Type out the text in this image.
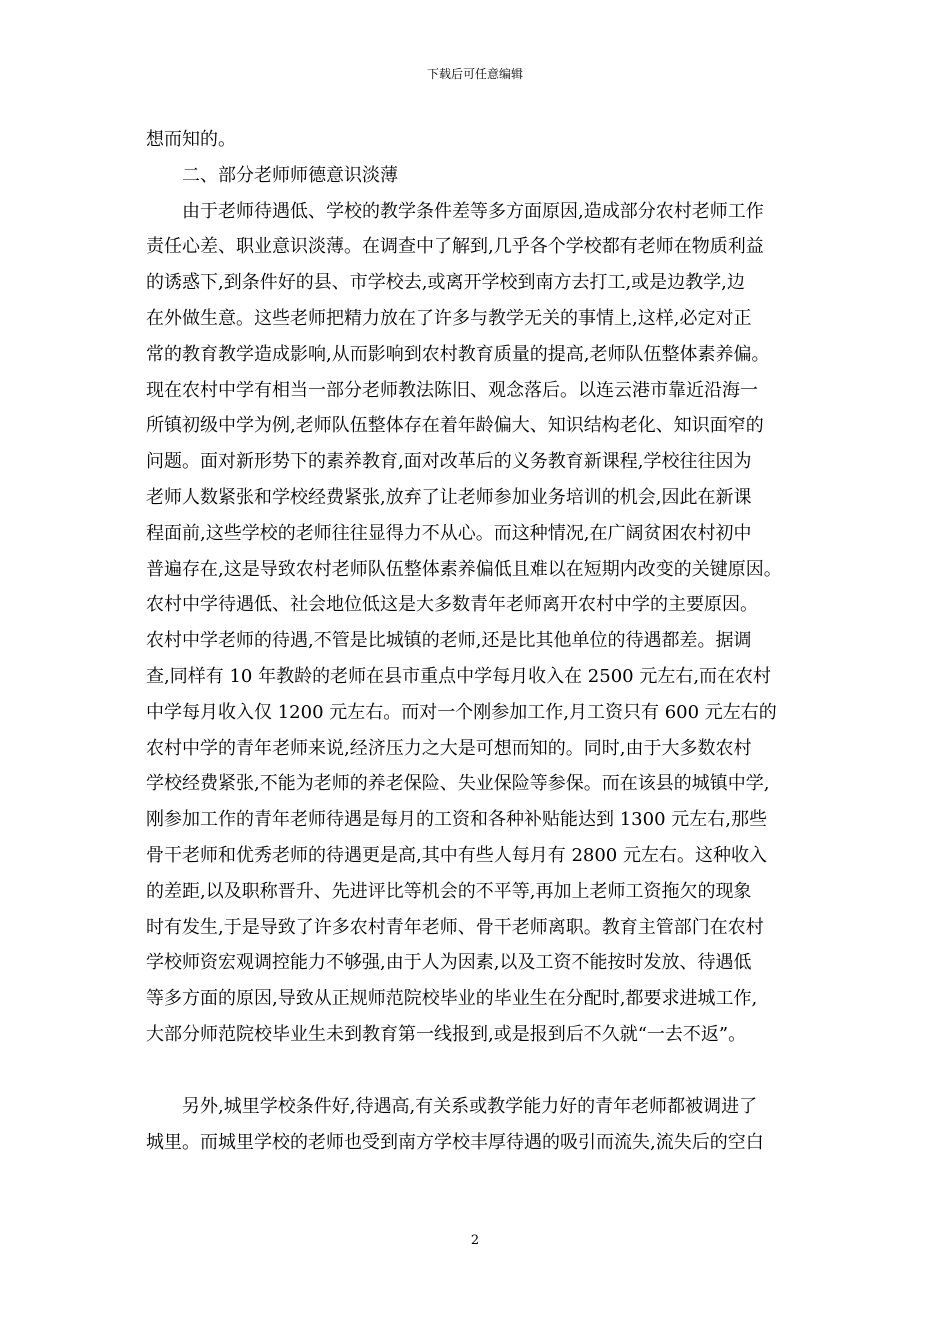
下载后可任意编辑
想而知的。
二、部分老师师德意识淡薄
由于老师待遇低、学校的教学条件差等多方面原因,造成部分农村老师工作
责任心差、职业意识淡薄。在调查中了解到,几乎各个学校都有老师在物质利益
的诱惑下,到条件好的县、市学校去,或离开学校到南方去打工,或是边教学,边
在外做生意。这些老师把精力放在了许多与教学无关的事情上,这样,必定对正
常的教育教学造成影响,从而影响到农村教育质量的提高,老师队伍整体素养偏。
现在农村中学有相当一部分老师教法陈旧、观念落后。以连云港市靠近沿海一
所镇初级中学为例,老师队伍整体存在着年龄偏大、知识结构老化、知识面窄的
问题。面对新形势下的素养教育,面对改革后的义务教育新课程,学校往往因为
老师人数紧张和学校经费紧张,放弃了让老师参加业务培训的机会,因此在新课
程面前,这些学校的老师往往显得力不从心。而这种情况,在广阔贫困农村初中
普遍存在,这是导致农村老师队伍整体素养偏低且难以在短期内改变的关键原因。
农村中学待遇低、社会地位低这是大多数青年老师离开农村中学的主要原因。
农村中学老师的待遇,不管是比城镇的老师,还是比其他单位的待遇都差。据调
查,同样有 10 年教龄的老师在县市重点中学每月收入在 2500 元左右,而在农村
中学每月收入仅 1200 元左右。而对一个刚参加工作,月工资只有 600 元左右的
农村中学的青年老师来说,经济压力之大是可想而知的。同时,由于大多数农村
学校经费紧张,不能为老师的养老保险、失业保险等参保。而在该县的城镇中学,
刚参加工作的青年老师待遇是每月的工资和各种补贴能达到 1300 元左右,那些
骨干老师和优秀老师的待遇更是高,其中有些人每月有 2800 元左右。这种收入
的差距,以及职称晋升、先进评比等机会的不平等,再加上老师工资拖欠的现象
时有发生,于是导致了许多农村青年老师、骨干老师离职。教育主管部门在农村
学校师资宏观调控能力不够强,由于人为因素,以及工资不能按时发放、待遇低
等多方面的原因,导致从正规师范院校毕业的毕业生在分配时,都要求进城工作,
大部分师范院校毕业生未到教育第一线报到,或是报到后不久就“一去不返”。
另外,城里学校条件好,待遇高,有关系或教学能力好的青年老师都被调进了
城里。而城里学校的老师也受到南方学校丰厚待遇的吸引而流失,流失后的空白
2
